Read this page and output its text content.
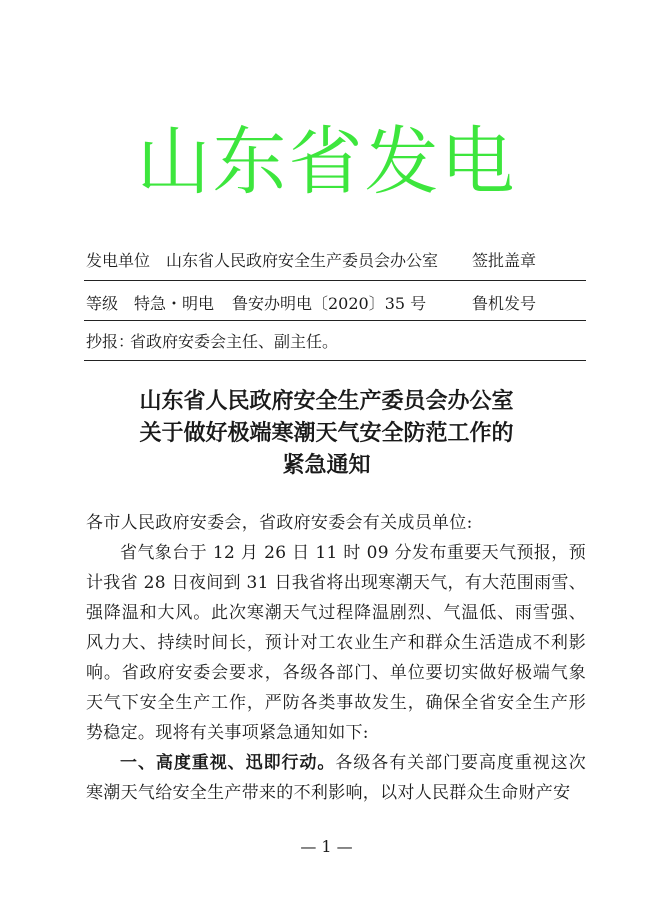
山东省发电
发电单位 山东省人民政府安全生产委员会办公室 签批盖章
等级 特急・明电 鲁安办明电〔2020〕35 号	鲁机发号
抄报：
省政府安委会主任、副主任。
山东省人民政府安全生产委员会办公室
关于做好极端寒潮天气安全防范工作的
紧急通知

各市人民政府安委会，省政府安委会有关成员单位:

省气象台于 12 月 26 日 11 时 09 分发布重要天气预报，预计我省 28 日夜间到 31 日我省将出现寒潮天气，有大范围雨雪、强降温和大风。此次寒潮天气过程降温剧烈、气温低、雨雪强、风力大、持续时间长，预计对工农业生产和群众生活造成不利影响。省政府安委会要求，各级各部门、单位要切实做好极端气象天气下安全生产工作，严防各类事故发生，确保全省安全生产形势稳定。现将有关事项紧急通知如下:

一、高度重视、迅即行动。各级各有关部门要高度重视这次寒潮天气给安全生产带来的不利影响，以对人民群众生命财产安

— 1 —
